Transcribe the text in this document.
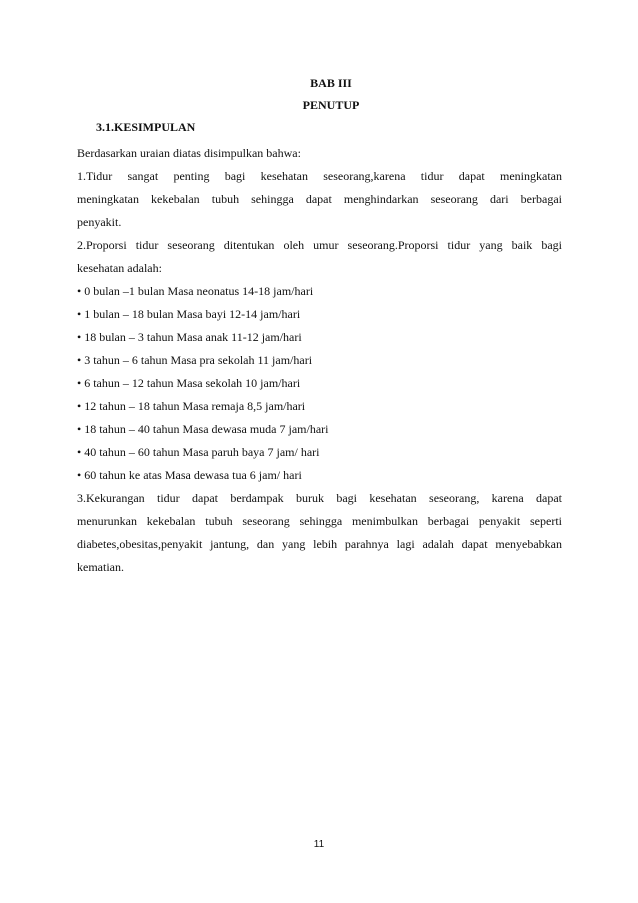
BAB III
PENUTUP
3.1.KESIMPULAN
Berdasarkan uraian diatas disimpulkan bahwa:
1.Tidur sangat penting bagi kesehatan seseorang,karena tidur dapat meningkatan
meningkatan kekebalan tubuh sehingga dapat menghindarkan seseorang dari berbagai
penyakit.
2.Proporsi tidur seseorang ditentukan oleh umur seseorang.Proporsi tidur yang baik bagi
kesehatan adalah:
• 0 bulan –1 bulan Masa neonatus 14-18 jam/hari
• 1 bulan – 18 bulan Masa bayi 12-14 jam/hari
• 18 bulan – 3 tahun Masa anak 11-12 jam/hari
• 3 tahun – 6 tahun Masa pra sekolah 11 jam/hari
• 6 tahun – 12 tahun Masa sekolah 10 jam/hari
• 12 tahun – 18 tahun Masa remaja 8,5 jam/hari
• 18 tahun – 40 tahun Masa dewasa muda 7 jam/hari
• 40 tahun – 60 tahun Masa paruh baya 7 jam/ hari
• 60 tahun ke atas Masa dewasa tua 6 jam/ hari
3.Kekurangan tidur dapat berdampak buruk bagi kesehatan seseorang, karena dapat
menurunkan kekebalan tubuh seseorang sehingga menimbulkan berbagai penyakit seperti
diabetes,obesitas,penyakit jantung, dan yang lebih parahnya lagi adalah dapat menyebabkan
kematian.
11
